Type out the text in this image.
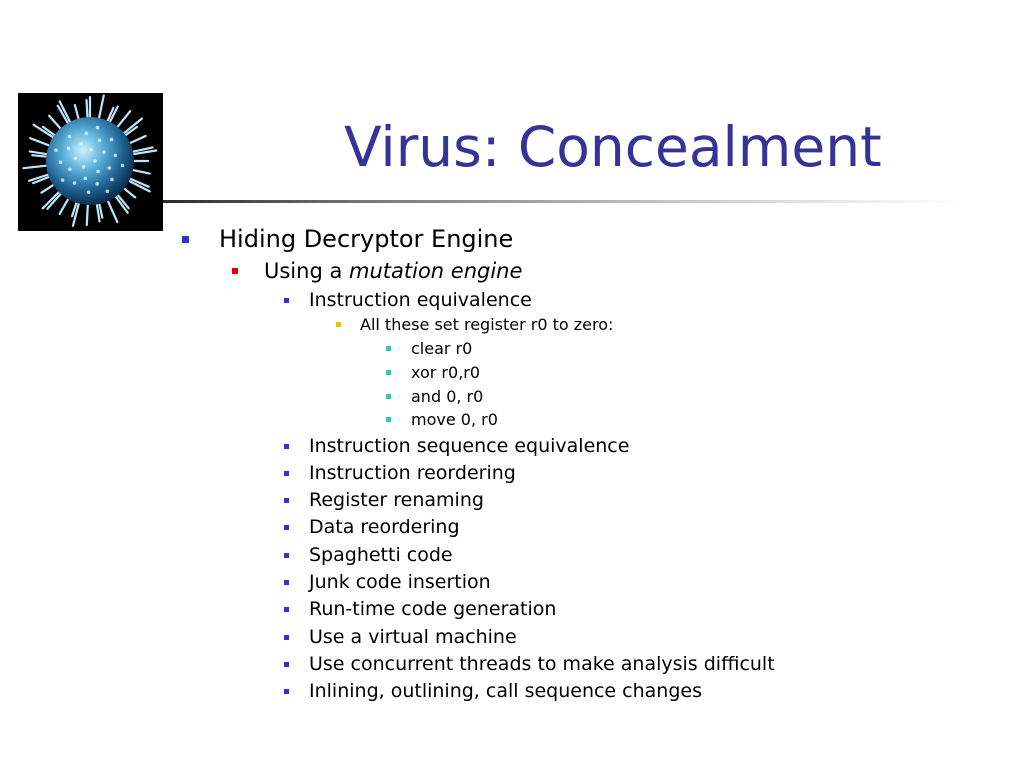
Virus: Concealment
Hiding Decryptor Engine
Using a mutation engine
Instruction equivalence
All these set register r0 to zero:
clear r0
xor r0,r0
and 0, r0
move 0, r0
Instruction sequence equivalence
Instruction reordering
Register renaming
Data reordering
Spaghetti code
Junk code insertion
Run-time code generation
Use a virtual machine
Use concurrent threads to make analysis difficult
Inlining, outlining, call sequence changes
